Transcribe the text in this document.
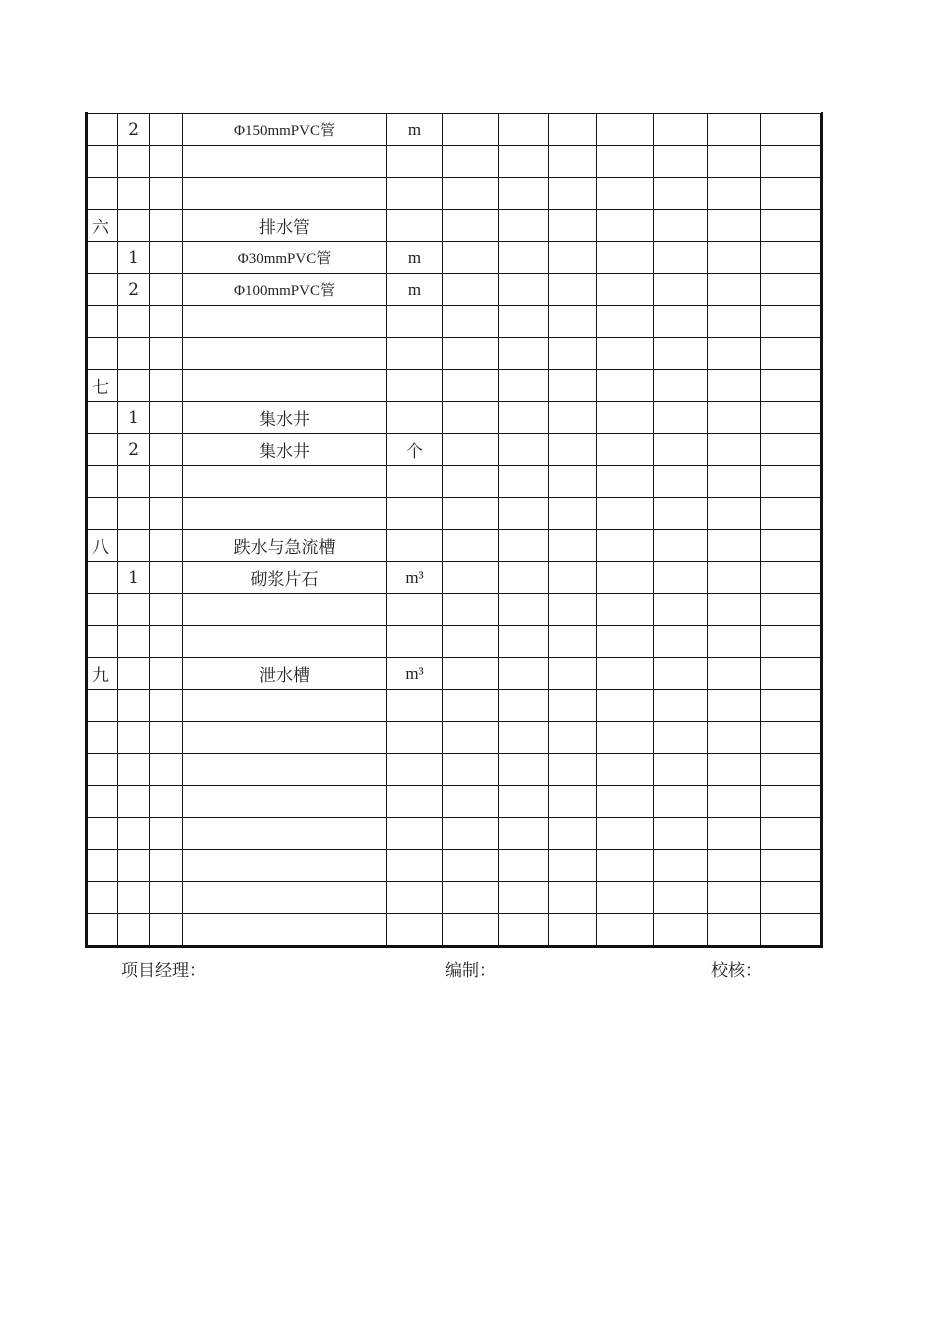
	2		Φ150mmPVC管	m							

六			排水管								
	1		Φ30mmPVC管	m							
	2		Φ100mmPVC管	m							

七											
	1		集水井								
	2		集水井	个							

八			跌水与急流槽								
	1		砌浆片石	m³							

九			泄水槽	m³							

项目经理：	编制：	校核：
